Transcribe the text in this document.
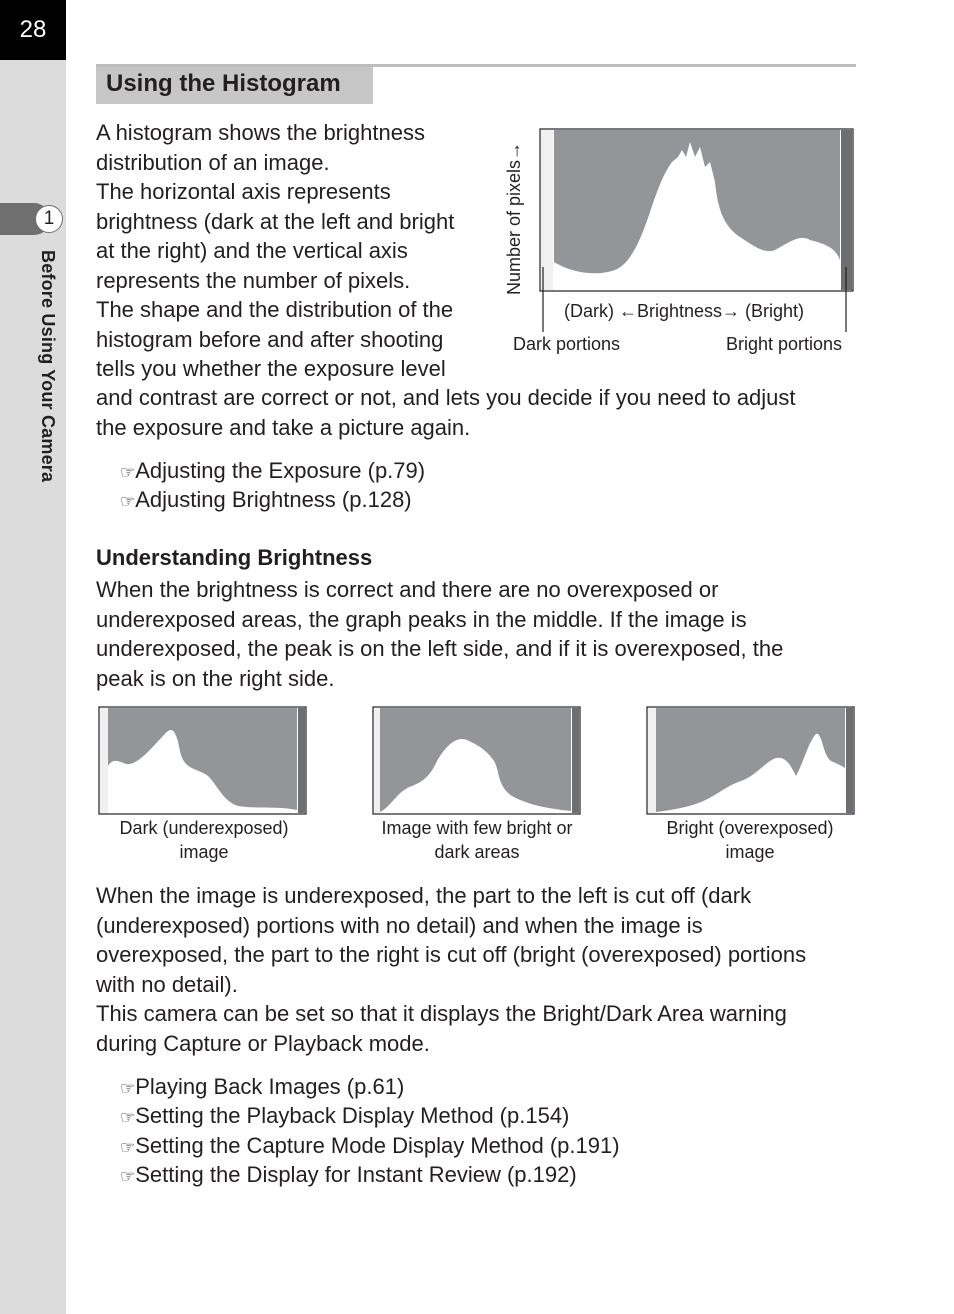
28
1
Before Using Your Camera
Using the Histogram
A histogram shows the brightness
distribution of an image.
The horizontal axis represents
brightness (dark at the left and bright
at the right) and the vertical axis
represents the number of pixels.
The shape and the distribution of the
histogram before and after shooting
tells you whether the exposure level
and contrast are correct or not, and lets you decide if you need to adjust
the exposure and take a picture again.
Number of pixels→
(Dark) ←Brightness→ (Bright)
Dark portions	Bright portions
☞Adjusting the Exposure (p.79)
☞Adjusting Brightness (p.128)
Understanding Brightness
When the brightness is correct and there are no overexposed or
underexposed areas, the graph peaks in the middle. If the image is
underexposed, the peak is on the left side, and if it is overexposed, the
peak is on the right side.
Dark (underexposed)
image
Image with few bright or
dark areas
Bright (overexposed)
image
When the image is underexposed, the part to the left is cut off (dark
(underexposed) portions with no detail) and when the image is
overexposed, the part to the right is cut off (bright (overexposed) portions
with no detail).
This camera can be set so that it displays the Bright/Dark Area warning
during Capture or Playback mode.
☞Playing Back Images (p.61)
☞Setting the Playback Display Method (p.154)
☞Setting the Capture Mode Display Method (p.191)
☞Setting the Display for Instant Review (p.192)
